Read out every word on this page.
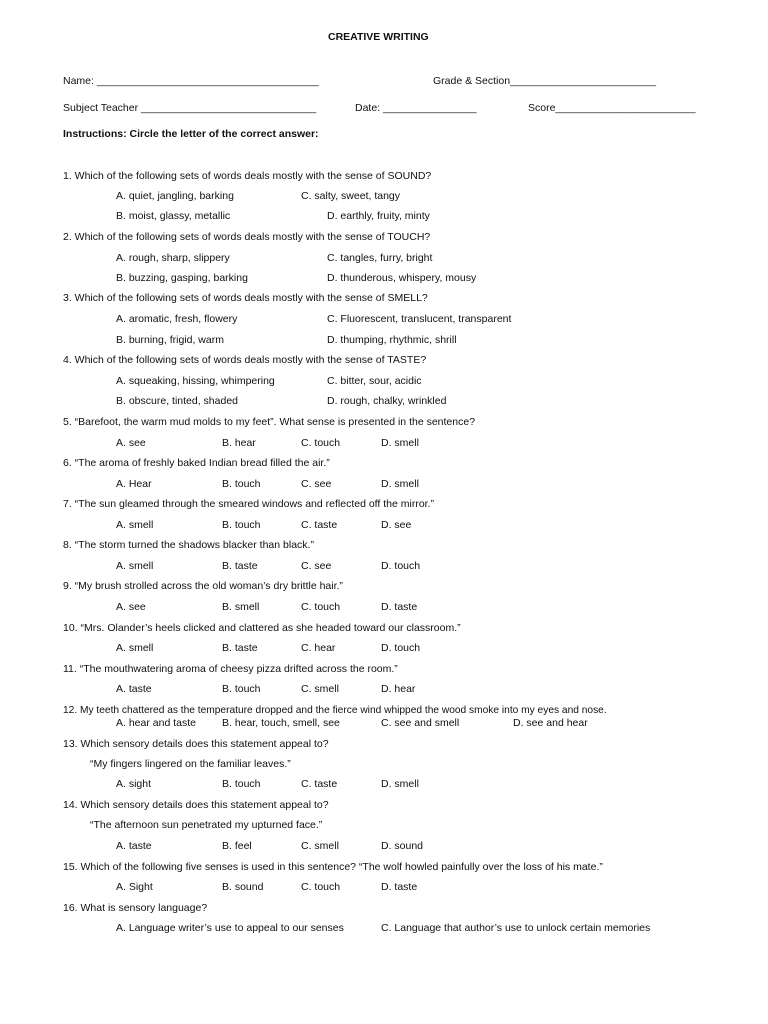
CREATIVE WRITING
Name: ______________________________________	Grade & Section_________________________
Subject Teacher ______________________________	Date: ________________	Score________________________
Instructions: Circle the letter of the correct answer:
1. Which of the following sets of words deals mostly with the sense of SOUND?
A. quiet, jangling, barking	C. salty, sweet, tangy
B. moist, glassy, metallic	D. earthly, fruity, minty
2. Which of the following sets of words deals mostly with the sense of TOUCH?
A. rough, sharp, slippery	C. tangles, furry, bright
B. buzzing, gasping, barking	D. thunderous, whispery, mousy
3. Which of the following sets of words deals mostly with the sense of SMELL?
A. aromatic, fresh, flowery	C. Fluorescent, translucent, transparent
B. burning, frigid, warm	D. thumping, rhythmic, shrill
4. Which of the following sets of words deals mostly with the sense of TASTE?
A. squeaking, hissing, whimpering	C. bitter, sour, acidic
B. obscure, tinted, shaded	D. rough, chalky, wrinkled
5. “Barefoot, the warm mud molds to my feet”. What sense is presented in the sentence?
A. see	B. hear	C. touch	D. smell
6. “The aroma of freshly baked Indian bread filled the air.”
A. Hear	B. touch	C. see	D. smell
7. “The sun gleamed through the smeared windows and reflected off the mirror.”
A. smell	B. touch	C. taste	D. see
8. “The storm turned the shadows blacker than black.”
A. smell	B. taste	C. see	D. touch
9. “My brush strolled across the old woman’s dry brittle hair.”
A. see	B. smell	C. touch	D. taste
10. “Mrs. Olander’s heels clicked and clattered as she headed toward our classroom.”
A. smell	B. taste	C. hear	D. touch
11. “The mouthwatering aroma of cheesy pizza drifted across the room.”
A. taste	B. touch	C. smell	D. hear
12. My teeth chattered as the temperature dropped and the fierce wind whipped the wood smoke into my eyes and nose.
A. hear and taste B. hear, touch, smell, see	C. see and smell	D. see and hear
13. Which sensory details does this statement appeal to?
“My fingers lingered on the familiar leaves.”
A. sight	B. touch	C. taste	D. smell
14. Which sensory details does this statement appeal to?
“The afternoon sun penetrated my upturned face.”
A. taste	B. feel	C. smell	D. sound
15. Which of the following five senses is used in this sentence? “The wolf howled painfully over the loss of his mate.”
A. Sight	B. sound	C. touch	D. taste
16. What is sensory language?
A. Language writer’s use to appeal to our senses	C. Language that author’s use to unlock certain memories
